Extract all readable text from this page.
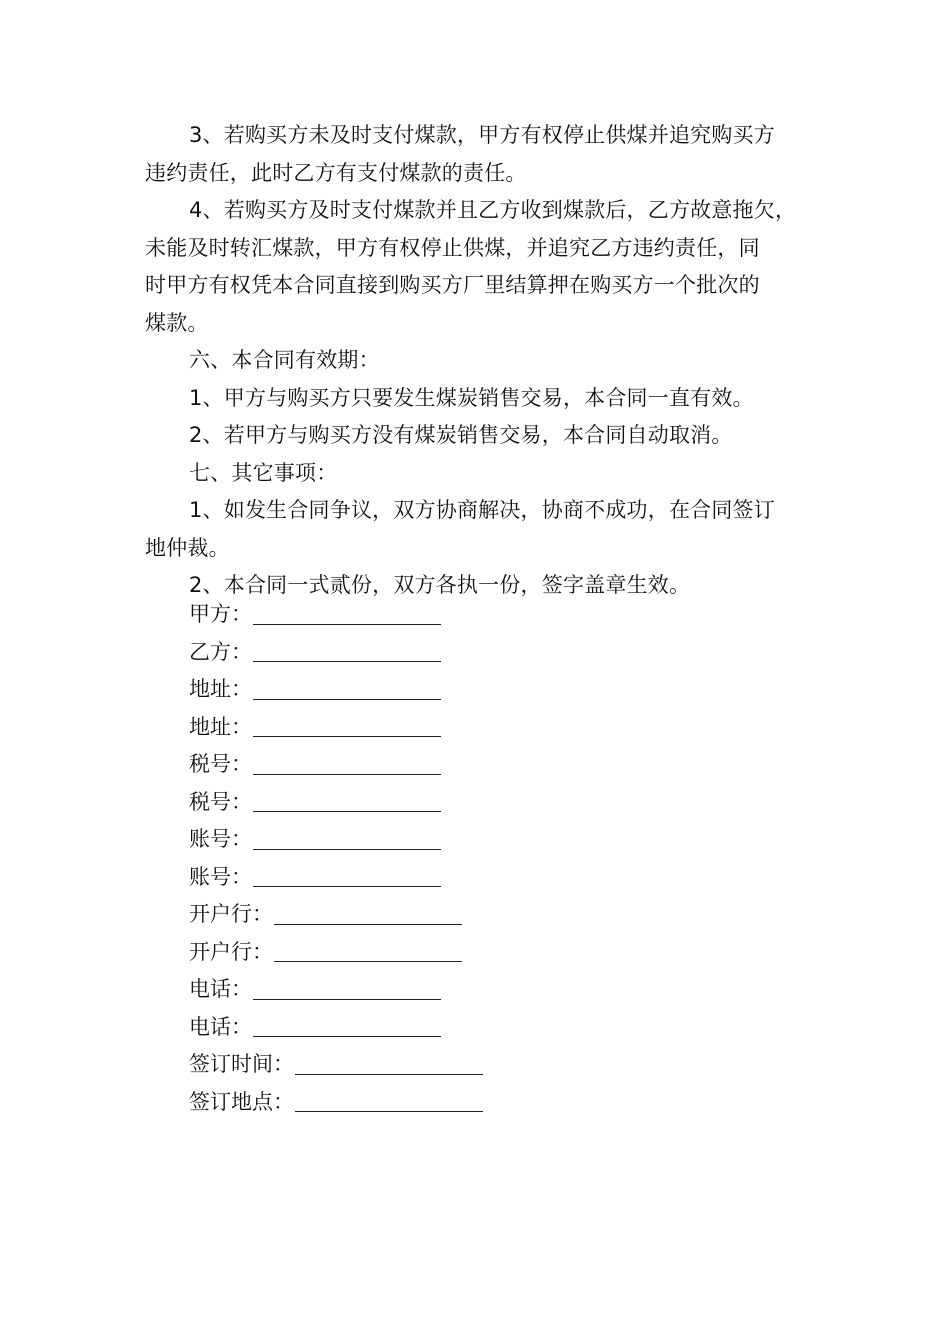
3、若购买方未及时支付煤款，甲方有权停止供煤并追究购买方
违约责任，此时乙方有支付煤款的责任。

4、若购买方及时支付煤款并且乙方收到煤款后，乙方故意拖欠，
未能及时转汇煤款，甲方有权停止供煤，并追究乙方违约责任，同
时甲方有权凭本合同直接到购买方厂里结算押在购买方一个批次的
煤款。

六、本合同有效期：

1、甲方与购买方只要发生煤炭销售交易，本合同一直有效。

2、若甲方与购买方没有煤炭销售交易，本合同自动取消。

七、其它事项：

1、如发生合同争议，双方协商解决，协商不成功，在合同签订
地仲裁。

2、本合同一式贰份，双方各执一份，签字盖章生效。

甲方：
乙方：
地址：
地址：
税号：
税号：
账号：
账号：
开户行：
开户行：
电话：
电话：
签订时间：
签订地点：
